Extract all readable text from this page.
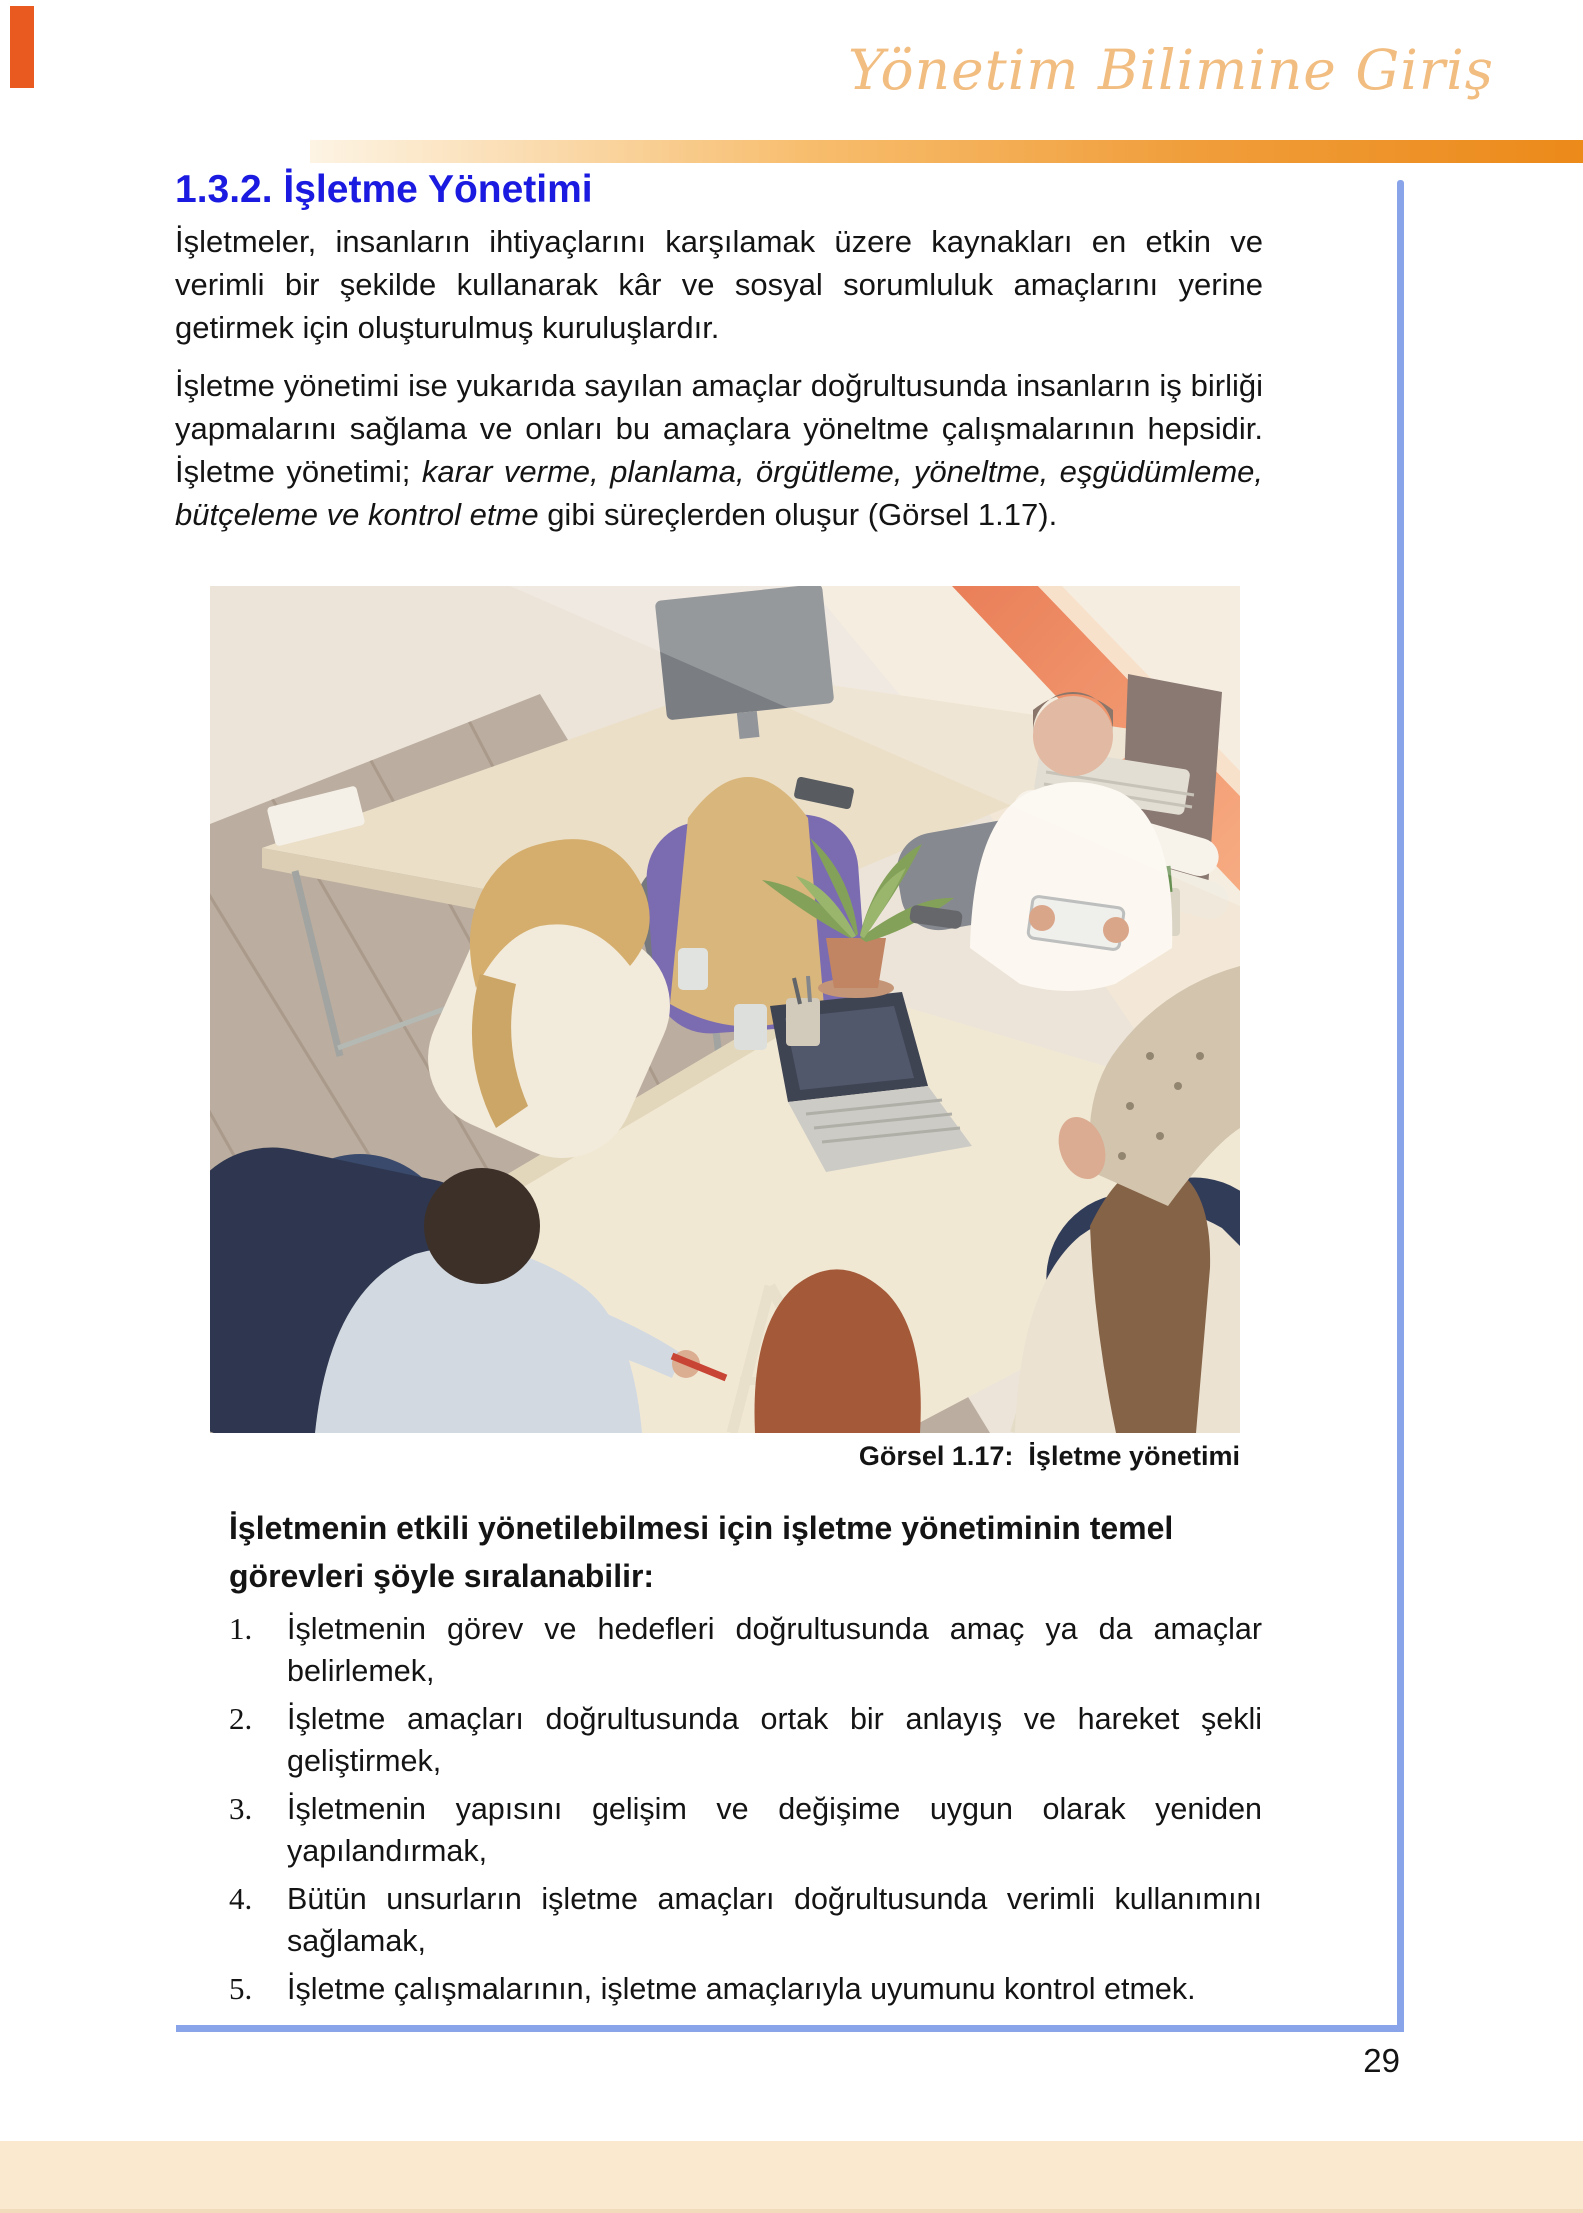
Yönetim Bilimine Giriş
1.3.2. İşletme Yönetimi

İşletmeler, insanların ihtiyaçlarını karşılamak üzere kaynakları en etkin ve verimli bir şekilde kullanarak kâr ve sosyal sorumluluk amaçlarını yerine getirmek için oluşturulmuş kuruluşlardır.

İşletme yönetimi ise yukarıda sayılan amaçlar doğrultusunda insanların iş birliği yapmalarını sağlama ve onları bu amaçlara yöneltme çalışmalarının hepsidir. İşletme yönetimi; karar verme, planlama, örgütleme, yöneltme, eşgüdümleme, bütçeleme ve kontrol etme gibi süreçlerden oluşur (Görsel 1.17).

Görsel 1.17:  İşletme yönetimi
İşletmenin etkili yönetilebilmesi için işletme yönetiminin temel görevleri şöyle sıralanabilir:
1.	İşletmenin görev ve hedefleri doğrultusunda amaç ya da amaçlar belirlemek,
2.	İşletme amaçları doğrultusunda ortak bir anlayış ve hareket şekli geliştirmek,
3.	İşletmenin yapısını gelişim ve değişime uygun olarak yeniden yapılandırmak,
4.	Bütün unsurların işletme amaçları doğrultusunda verimli kullanımını sağlamak,
5.	İşletme çalışmalarının, işletme amaçlarıyla uyumunu kontrol etmek.
29
